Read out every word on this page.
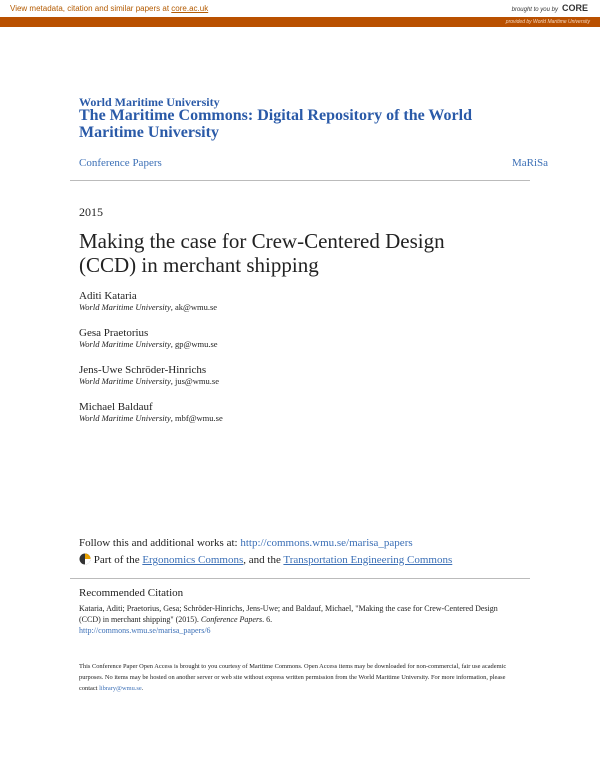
View metadata, citation and similar papers at core.ac.uk	brought to you by CORE
provided by World Maritime University
World Maritime University
The Maritime Commons: Digital Repository of the World Maritime University
Conference Papers	MaRiSa
2015
Making the case for Crew-Centered Design (CCD) in merchant shipping
Aditi Kataria
World Maritime University, ak@wmu.se
Gesa Praetorius
World Maritime University, gp@wmu.se
Jens-Uwe Schröder-Hinrichs
World Maritime University, jus@wmu.se
Michael Baldauf
World Maritime University, mbf@wmu.se
Follow this and additional works at: http://commons.wmu.se/marisa_papers
Part of the Ergonomics Commons, and the Transportation Engineering Commons
Recommended Citation
Kataria, Aditi; Praetorius, Gesa; Schröder-Hinrichs, Jens-Uwe; and Baldauf, Michael, "Making the case for Crew-Centered Design (CCD) in merchant shipping" (2015). Conference Papers. 6.
http://commons.wmu.se/marisa_papers/6
This Conference Paper Open Access is brought to you courtesy of Maritime Commons. Open Access items may be downloaded for non-commercial, fair use academic purposes. No items may be hosted on another server or web site without express written permission from the World Maritime University. For more information, please contact library@wmu.se.
